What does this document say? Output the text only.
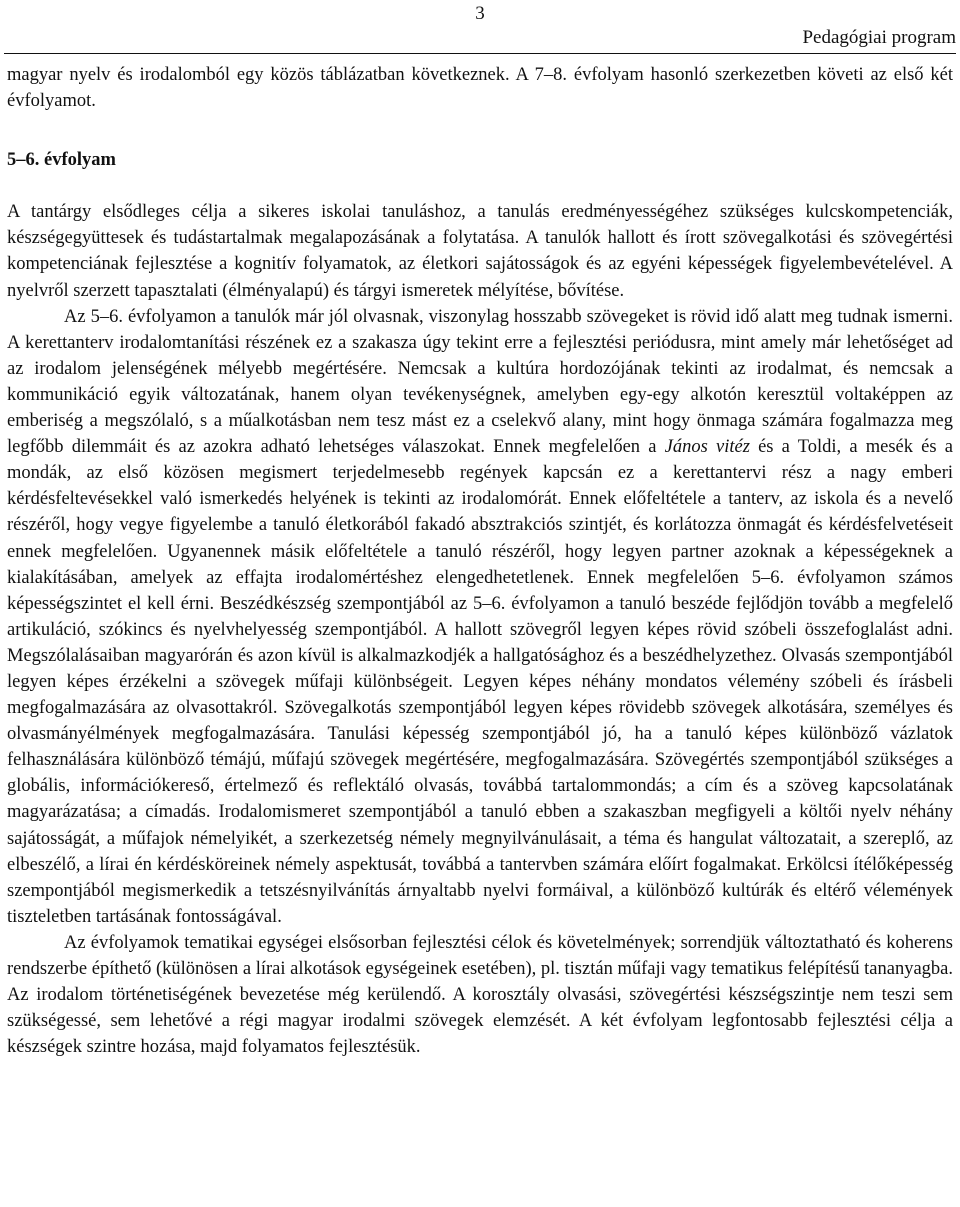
3
Pedagógiai program

magyar nyelv és irodalomból egy közös táblázatban következnek. A 7–8. évfolyam hasonló szerkezetben követi az első két évfolyamot.

5–6. évfolyam

A tantárgy elsődleges célja a sikeres iskolai tanuláshoz, a tanulás eredményességéhez szükséges kulcskompetenciák, készségegyüttesek és tudástartalmak megalapozásának a folytatása. A tanulók hallott és írott szövegalkotási és szövegértési kompetenciának fejlesztése a kognitív folyamatok, az életkori sajátosságok és az egyéni képességek figyelembevételével. A nyelvről szerzett tapasztalati (élményalapú) és tárgyi ismeretek mélyítése, bővítése.

Az 5–6. évfolyamon a tanulók már jól olvasnak, viszonylag hosszabb szövegeket is rövid idő alatt meg tudnak ismerni. A kerettanterv irodalomtanítási részének ez a szakasza úgy tekint erre a fejlesztési periódusra, mint amely már lehetőséget ad az irodalom jelenségének mélyebb megértésére. Nemcsak a kultúra hordozójának tekinti az irodalmat, és nemcsak a kommunikáció egyik változatának, hanem olyan tevékenységnek, amelyben egy-egy alkotón keresztül voltaképpen az emberiség a megszólaló, s a műalkotásban nem tesz mást ez a cselekvő alany, mint hogy önmaga számára fogalmazza meg legfőbb dilemmáit és az azokra adható lehetséges válaszokat. Ennek megfelelően a János vitéz és a Toldi, a mesék és a mondák, az első közösen megismert terjedelmesebb regények kapcsán ez a kerettantervi rész a nagy emberi kérdésfeltevésekkel való ismerkedés helyének is tekinti az irodalomórát. Ennek előfeltétele a tanterv, az iskola és a nevelő részéről, hogy vegye figyelembe a tanuló életkorából fakadó absztrakciós szintjét, és korlátozza önmagát és kérdésfelvetéseit ennek megfelelően. Ugyanennek másik előfeltétele a tanuló részéről, hogy legyen partner azoknak a képességeknek a kialakításában, amelyek az effajta irodalomértéshez elengedhetetlenek. Ennek megfelelően 5–6. évfolyamon számos képességszintet el kell érni. Beszédkészség szempontjából az 5–6. évfolyamon a tanuló beszéde fejlődjön tovább a megfelelő artikuláció, szókincs és nyelvhelyesség szempontjából. A hallott szövegről legyen képes rövid szóbeli összefoglalást adni. Megszólalásaiban magyarórán és azon kívül is alkalmazkodjék a hallgatósághoz és a beszédhelyzethez. Olvasás szempontjából legyen képes érzékelni a szövegek műfaji különbségeit. Legyen képes néhány mondatos vélemény szóbeli és írásbeli megfogalmazására az olvasottakról. Szövegalkotás szempontjából legyen képes rövidebb szövegek alkotására, személyes és olvasmányélmények megfogalmazására. Tanulási képesség szempontjából jó, ha a tanuló képes különböző vázlatok felhasználására különböző témájú, műfajú szövegek megértésére, megfogalmazására. Szövegértés szempontjából szükséges a globális, információkereső, értelmező és reflektáló olvasás, továbbá tartalommondás; a cím és a szöveg kapcsolatának magyarázatása; a címadás. Irodalomismeret szempontjából a tanuló ebben a szakaszban megfigyeli a költői nyelv néhány sajátosságát, a műfajok némelyikét, a szerkezetség némely megnyilvánulásait, a téma és hangulat változatait, a szereplő, az elbeszélő, a lírai én kérdésköreinek némely aspektusát, továbbá a tantervben számára előírt fogalmakat. Erkölcsi ítélőképesség szempontjából megismerkedik a tetszésnyilvánítás árnyaltabb nyelvi formáival, a különböző kultúrák és eltérő vélemények tiszteletben tartásának fontosságával.

Az évfolyamok tematikai egységei elsősorban fejlesztési célok és követelmények; sorrendjük változtatható és koherens rendszerbe építhető (különösen a lírai alkotások egységeinek esetében), pl. tisztán műfaji vagy tematikus felépítésű tananyagba. Az irodalom történetiségének bevezetése még kerülendő. A korosztály olvasási, szövegértési készségszintje nem teszi sem szükségessé, sem lehetővé a régi magyar irodalmi szövegek elemzését. A két évfolyam legfontosabb fejlesztési célja a készségek szintre hozása, majd folyamatos fejlesztésük.
